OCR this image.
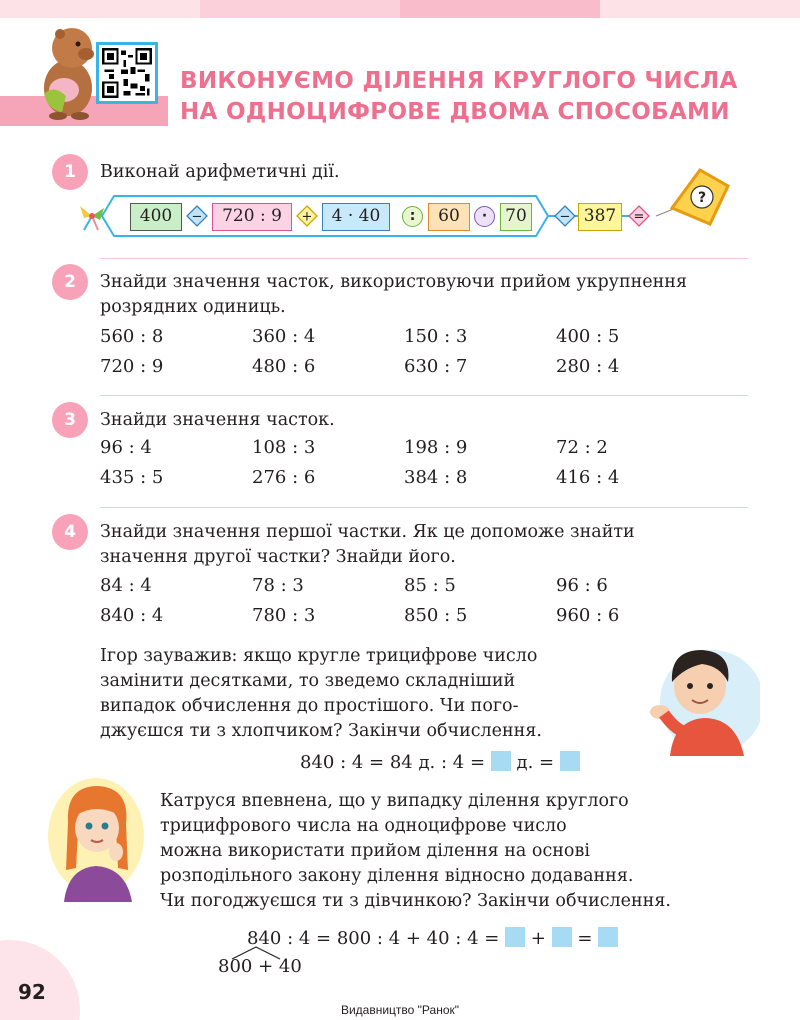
ВИКОНУЄМО ДІЛЕННЯ КРУГЛОГО ЧИСЛА
НА ОДНОЦИФРОВЕ ДВОМА СПОСОБАМИ
1	Виконай арифметичні дії.
400	−	720 : 9	+	4 · 40	:	60	·	70	− 387	=
?
2	Знайди значення часток, використовуючи прийом укрупнення
розрядних одиниць.
560 : 8	360 : 4	150 : 3	400 : 5
720 : 9	480 : 6	630 : 7	280 : 4
3	Знайди значення часток.
96 : 4	108 : 3	198 : 9	72 : 2
435 : 5	276 : 6	384 : 8	416 : 4
4	Знайди значення першої частки. Як це допоможе знайти
значення другої частки? Знайди його.
84 : 4	78 : 3	85 : 5	96 : 6
840 : 4	780 : 3	850 : 5	960 : 6
Ігор зауважив: якщо кругле трицифрове число
замінити десятками, то зведемо складніший
випадок обчислення до простішого. Чи пого-
джуєшся ти з хлопчиком? Закінчи обчислення.
840 : 4 = 84 д. : 4 =  д. =
Катруся впевнена, що у випадку ділення круглого
трицифрового числа на одноцифрове число
можна використати прийом ділення на основі
розподільного закону ділення відносно додавання.
Чи погоджуєшся ти з дівчинкою? Закінчи обчислення.
840 : 4 = 800 : 4 + 40 : 4 =  +  =
800 + 40
92
Видавництво "Ранок"
